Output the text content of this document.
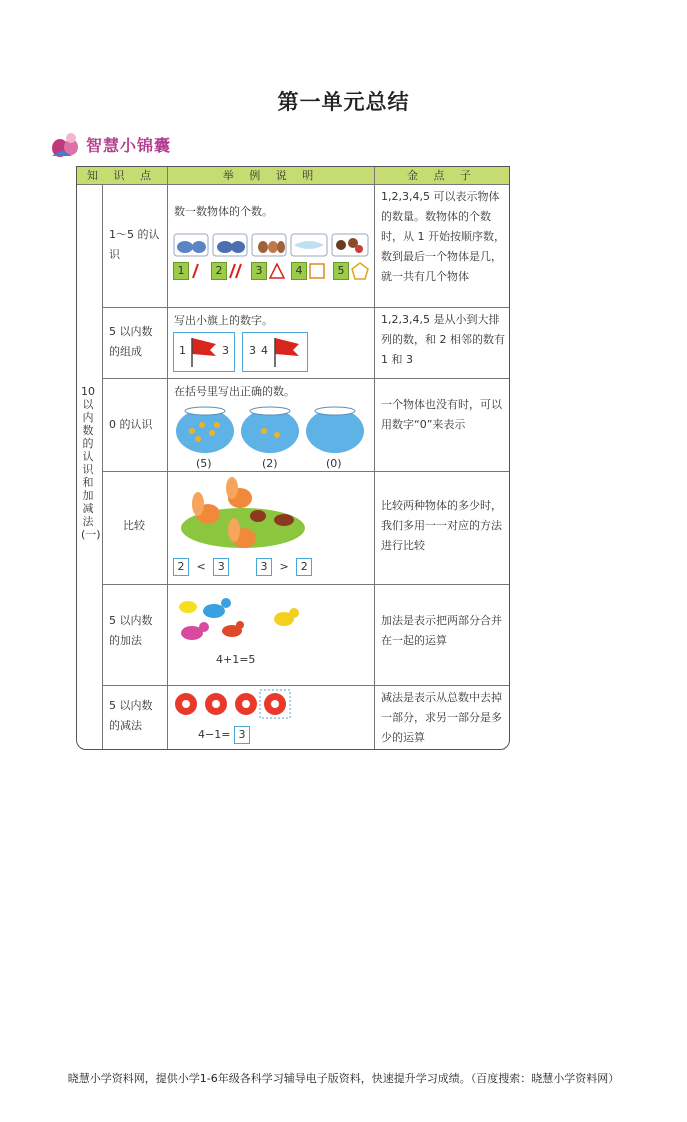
第一单元总结
智慧小锦囊
知 识 点	举 例 说 明	金 点 子
10以内数的认识和加减法(一)
1～5 的认识
数一数物体的个数。
1	2	3	4	5
1,2,3,4,5 可以表示物体的数量。数物体的个数时，从 1 开始按顺序数，数到最后一个物体是几，就一共有几个物体
5 以内数的组成
写出小旗上的数字。
1	3 3 4
1,2,3,4,5 是从小到大排列的数，和 2 相邻的数有 1 和 3
0 的认识
在括号里写出正确的数。
(5)	(2)	(0)
一个物体也没有时，可以用数字“0”来表示
比较
2 < 3	3 > 2
比较两种物体的多少时，我们多用一一对应的方法进行比较
5 以内数的加法
4+1=5
加法是表示把两部分合并在一起的运算
5 以内数的减法
4−1= 3
减法是表示从总数中去掉一部分，求另一部分是多少的运算
晓慧小学资料网，提供小学1-6年级各科学习辅导电子版资料，快速提升学习成绩。（百度搜索：晓慧小学资料网）
